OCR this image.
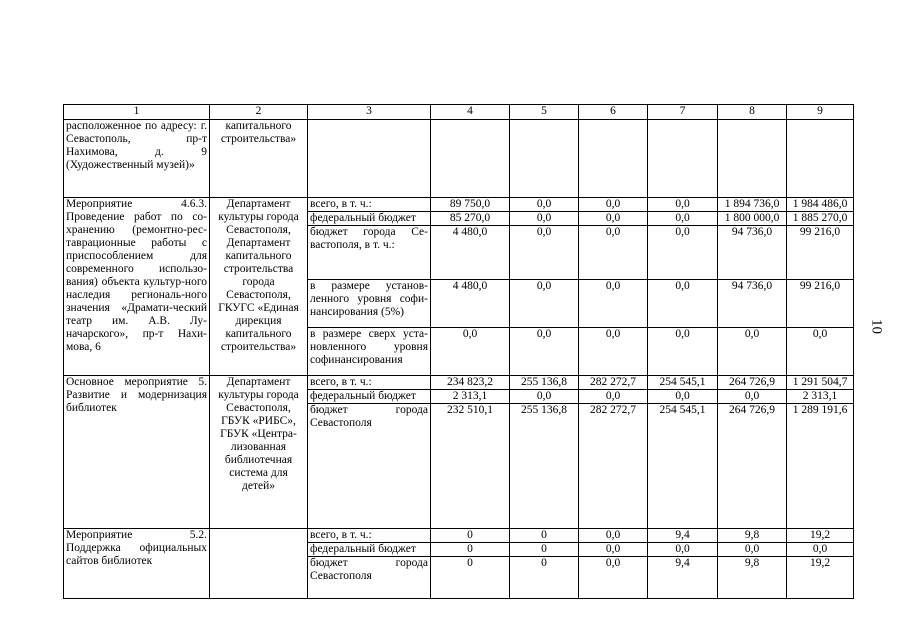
1	2	3	4	5	6	7	8	9
расположенное по адресу: г. Севастополь, пр-т Нахимова, д. 9 (Художественный музей)»	капитального строительства»							
Мероприятие 4.6.3. Проведение работ по со-хранению (ремонтно-рес-таврационные работы с приспособлением для современного использо-вания) объекта культур-ного наследия региональ-ного значения «Драмати-ческий театр им. А.В. Лу-начарского», пр-т Нахи-мова, 6	Департамент культуры города Севастополя, Департамент капитального строительства города Севастополя, ГКУГС «Единая дирекция капитального строительства»	всего, в т. ч.:	89 750,0	0,0	0,0	0,0	1 894 736,0	1 984 486,0
		федеральный бюджет	85 270,0	0,0	0,0	0,0	1 800 000,0	1 885 270,0
		бюджет города Се-вастополя, в т. ч.:	4 480,0	0,0	0,0	0,0	94 736,0	99 216,0
		в размере установ-ленного уровня софи-нансирования (5%)	4 480,0	0,0	0,0	0,0	94 736,0	99 216,0
		в размере сверх уста-новленного уровня софинансирования	0,0	0,0	0,0	0,0	0,0	0,0
Основное мероприятие 5. Развитие и модернизация библиотек	Департамент культуры города Севастополя, ГБУК «РИБС», ГБУК «Центра-лизованная библиотечная система для детей»	всего, в т. ч.:	234 823,2	255 136,8	282 272,7	254 545,1	264 726,9	1 291 504,7
		федеральный бюджет	2 313,1	0,0	0,0	0,0	0,0	2 313,1
		бюджет города Севастополя	232 510,1	255 136,8	282 272,7	254 545,1	264 726,9	1 289 191,6
Мероприятие 5.2. Поддержка официальных сайтов библиотек		всего, в т. ч.:	0	0	0,0	9,4	9,8	19,2
		федеральный бюджет	0	0	0,0	0,0	0,0	0,0
		бюджет города Севастополя	0	0	0,0	9,4	9,8	19,2
10
